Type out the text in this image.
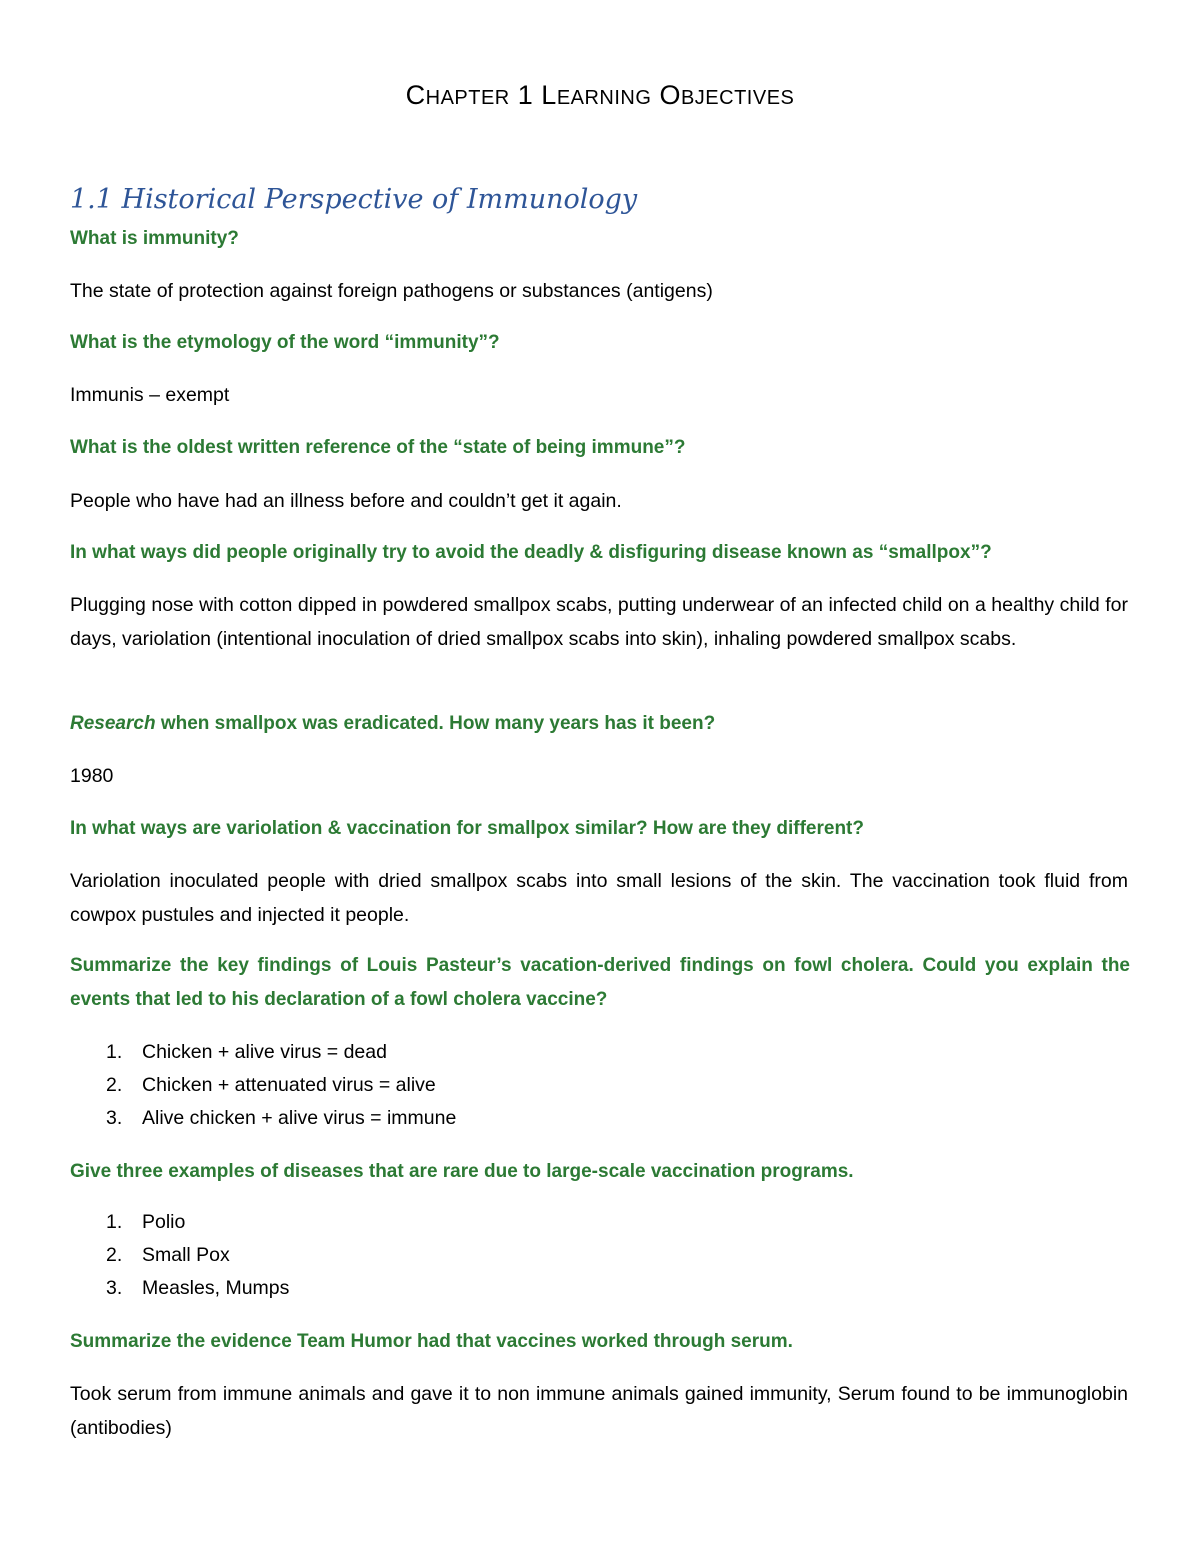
CHAPTER 1 LEARNING OBJECTIVES
1.1 Historical Perspective of Immunology
What is immunity?
The state of protection against foreign pathogens or substances (antigens)
What is the etymology of the word “immunity”?
Immunis – exempt
What is the oldest written reference of the “state of being immune”?
People who have had an illness before and couldn’t get it again.
In what ways did people originally try to avoid the deadly & disfiguring disease known as “smallpox”?
Plugging nose with cotton dipped in powdered smallpox scabs, putting underwear of an infected child on a healthy child for days, variolation (intentional inoculation of dried smallpox scabs into skin), inhaling powdered smallpox scabs.
Research when smallpox was eradicated. How many years has it been?
1980
In what ways are variolation & vaccination for smallpox similar? How are they different?
Variolation inoculated people with dried smallpox scabs into small lesions of the skin. The vaccination took fluid from cowpox pustules and injected it people.
Summarize the key findings of Louis Pasteur’s vacation-derived findings on fowl cholera. Could you explain the events that led to his declaration of a fowl cholera vaccine?
1. Chicken + alive virus = dead
2. Chicken + attenuated virus = alive
3. Alive chicken + alive virus = immune
Give three examples of diseases that are rare due to large-scale vaccination programs.
1. Polio
2. Small Pox
3. Measles, Mumps
Summarize the evidence Team Humor had that vaccines worked through serum.
Took serum from immune animals and gave it to non immune animals gained immunity, Serum found to be immunoglobin (antibodies)
